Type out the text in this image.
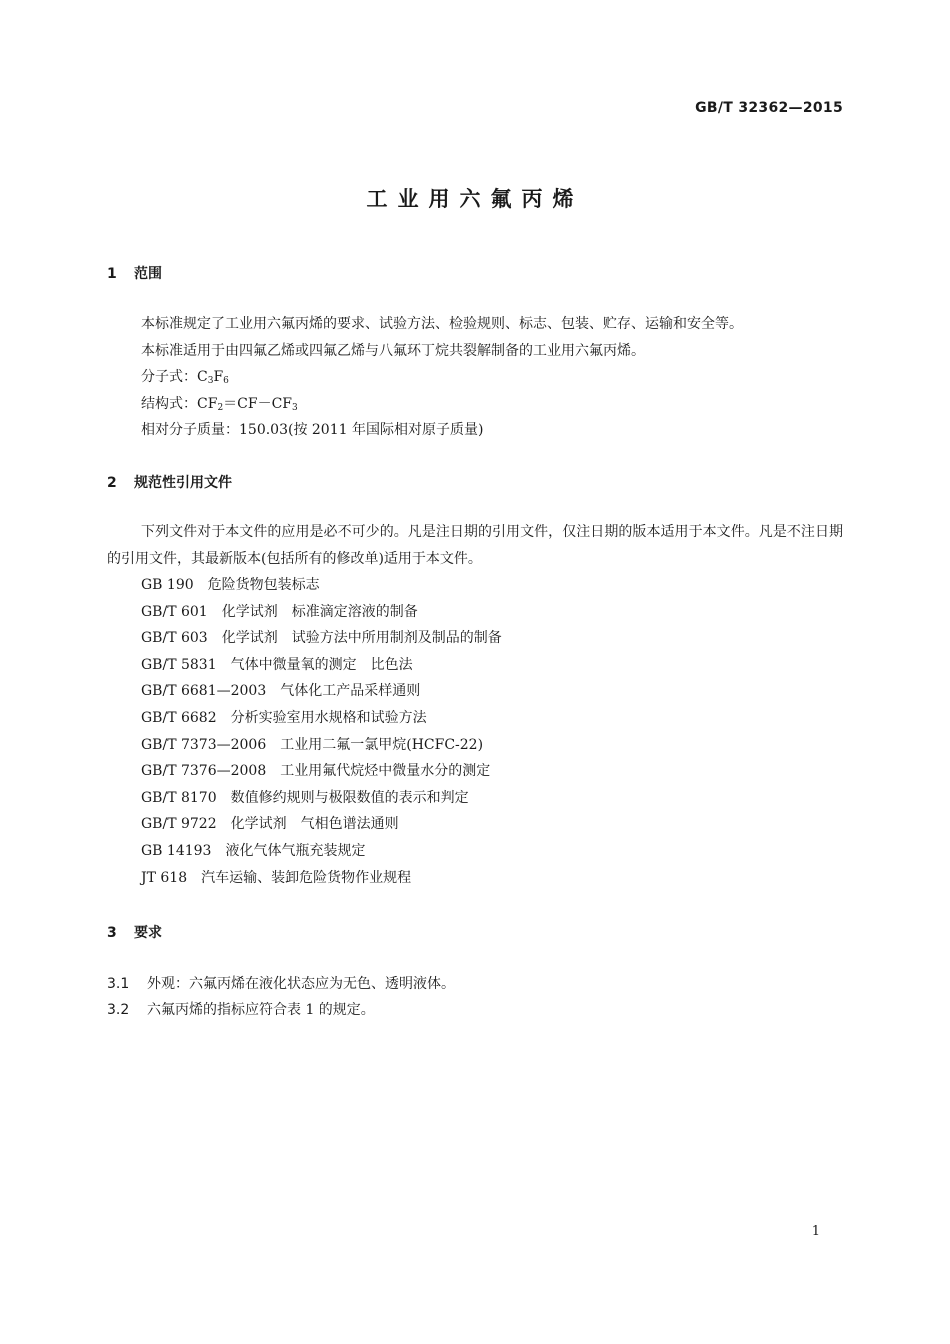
GB/T 32362—2015
工业用六氟丙烯
1 范围
本标准规定了工业用六氟丙烯的要求、试验方法、检验规则、标志、包装、贮存、运输和安全等。
本标准适用于由四氟乙烯或四氟乙烯与八氟环丁烷共裂解制备的工业用六氟丙烯。
分子式：$C_3F_6$
结构式：$CF_2=CF-CF_3$
相对分子质量：150.03(按 2011 年国际相对原子质量)
2 规范性引用文件
下列文件对于本文件的应用是必不可少的。凡是注日期的引用文件，仅注日期的版本适用于本文件。凡是不注日期的引用文件，其最新版本(包括所有的修改单)适用于本文件。
GB 190 危险货物包装标志
GB/T 601 化学试剂　标准滴定溶液的制备
GB/T 603 化学试剂　试验方法中所用制剂及制品的制备
GB/T 5831 气体中微量氧的测定　比色法
GB/T 6681—2003 气体化工产品采样通则
GB/T 6682 分析实验室用水规格和试验方法
GB/T 7373—2006 工业用二氟一氯甲烷(HCFC-22)
GB/T 7376—2008 工业用氟代烷烃中微量水分的测定
GB/T 8170 数值修约规则与极限数值的表示和判定
GB/T 9722 化学试剂　气相色谱法通则
GB 14193 液化气体气瓶充装规定
JT 618 汽车运输、装卸危险货物作业规程
3 要求
3.1 外观：六氟丙烯在液化状态应为无色、透明液体。
3.2 六氟丙烯的指标应符合表 1 的规定。
1
